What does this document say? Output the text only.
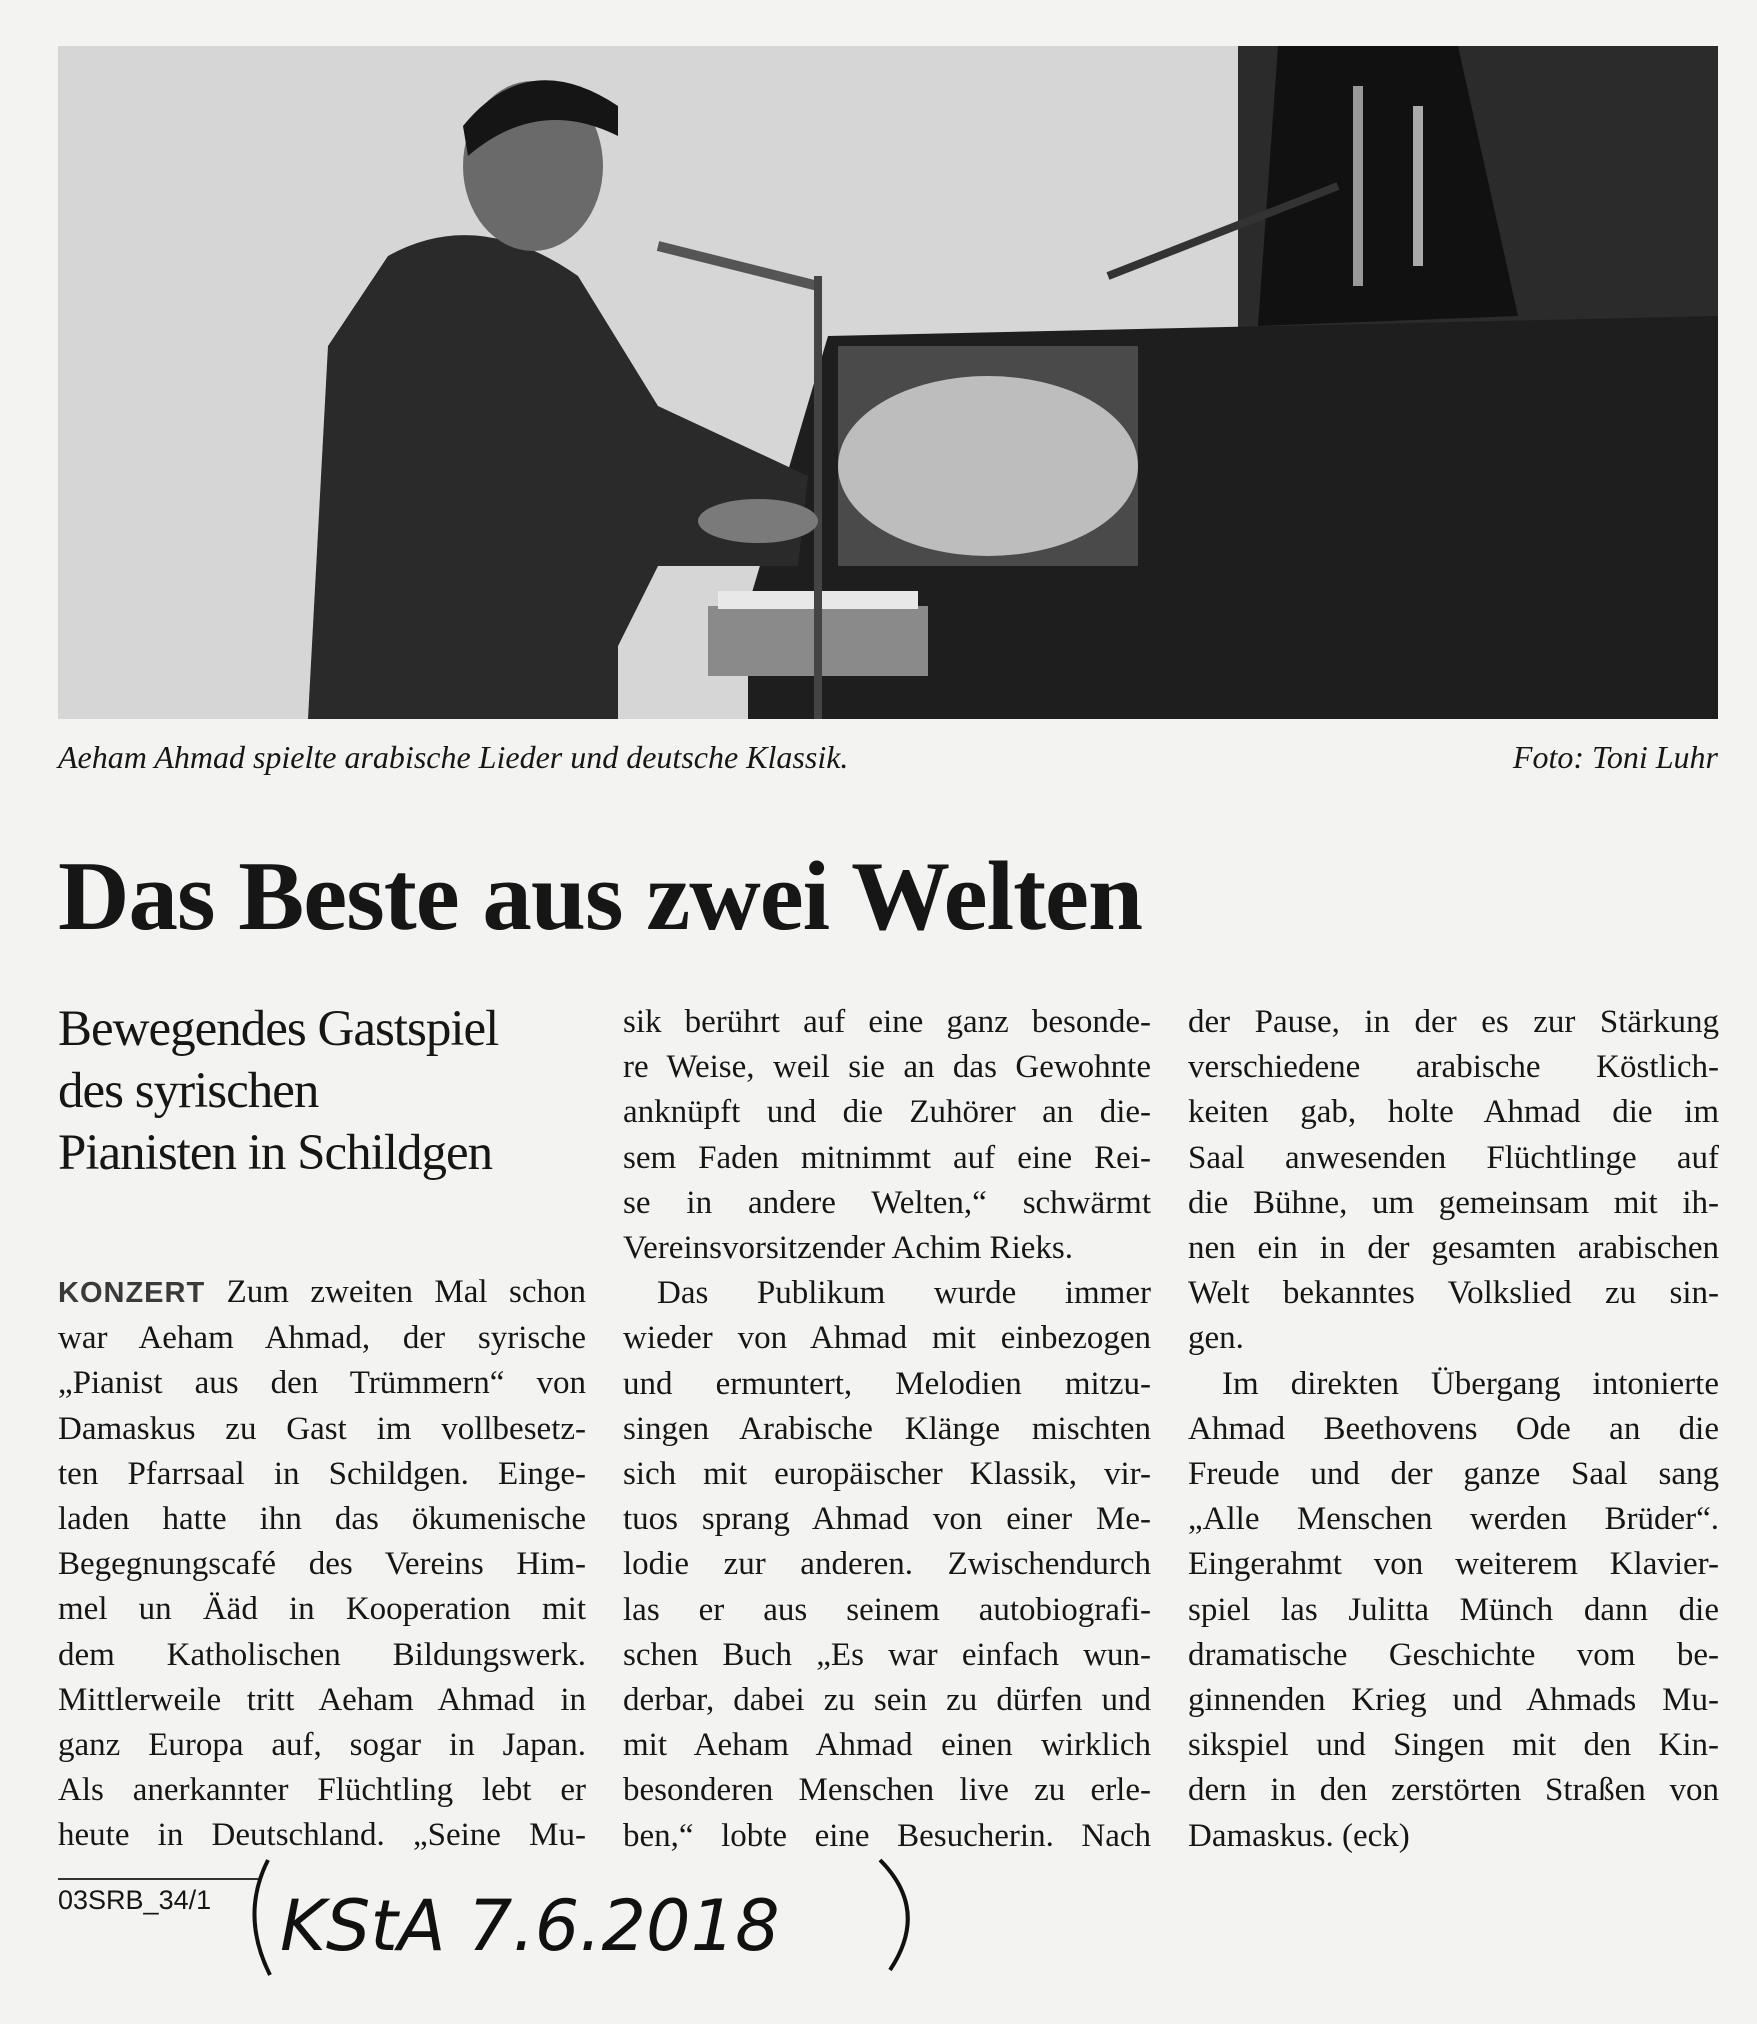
Aeham Ahmad spielte arabische Lieder und deutsche Klassik.	Foto: Toni Luhr
Das Beste aus zwei Welten
Bewegendes Gastspiel
des syrischen
Pianisten in Schildgen
KONZERT Zum zweiten Mal schon
war Aeham Ahmad, der syrische
„Pianist aus den Trümmern“ von
Damaskus zu Gast im vollbesetz-
ten Pfarrsaal in Schildgen. Einge-
laden hatte ihn das ökumenische
Begegnungscafé des Vereins Him-
mel un Ääd in Kooperation mit
dem Katholischen Bildungswerk.
Mittlerweile tritt Aeham Ahmad in
ganz Europa auf, sogar in Japan.
Als anerkannter Flüchtling lebt er
heute in Deutschland. „Seine Mu-
sik berührt auf eine ganz besonde-
re Weise, weil sie an das Gewohnte
anknüpft und die Zuhörer an die-
sem Faden mitnimmt auf eine Rei-
se in andere Welten,“ schwärmt
Vereinsvorsitzender Achim Rieks.
Das Publikum wurde immer
wieder von Ahmad mit einbezogen
und ermuntert, Melodien mitzu-
singen Arabische Klänge mischten
sich mit europäischer Klassik, vir-
tuos sprang Ahmad von einer Me-
lodie zur anderen. Zwischendurch
las er aus seinem autobiografi-
schen Buch „Es war einfach wun-
derbar, dabei zu sein zu dürfen und
mit Aeham Ahmad einen wirklich
besonderen Menschen live zu erle-
ben,“ lobte eine Besucherin. Nach
der Pause, in der es zur Stärkung
verschiedene arabische Köstlich-
keiten gab, holte Ahmad die im
Saal anwesenden Flüchtlinge auf
die Bühne, um gemeinsam mit ih-
nen ein in der gesamten arabischen
Welt bekanntes Volkslied zu sin-
gen.
Im direkten Übergang intonierte
Ahmad Beethovens Ode an die
Freude und der ganze Saal sang
„Alle Menschen werden Brüder“.
Eingerahmt von weiterem Klavier-
spiel las Julitta Münch dann die
dramatische Geschichte vom be-
ginnenden Krieg und Ahmads Mu-
sikspiel und Singen mit den Kin-
dern in den zerstörten Straßen von
Damaskus. (eck)
03SRB_34/1 KStA 7.6.2018
